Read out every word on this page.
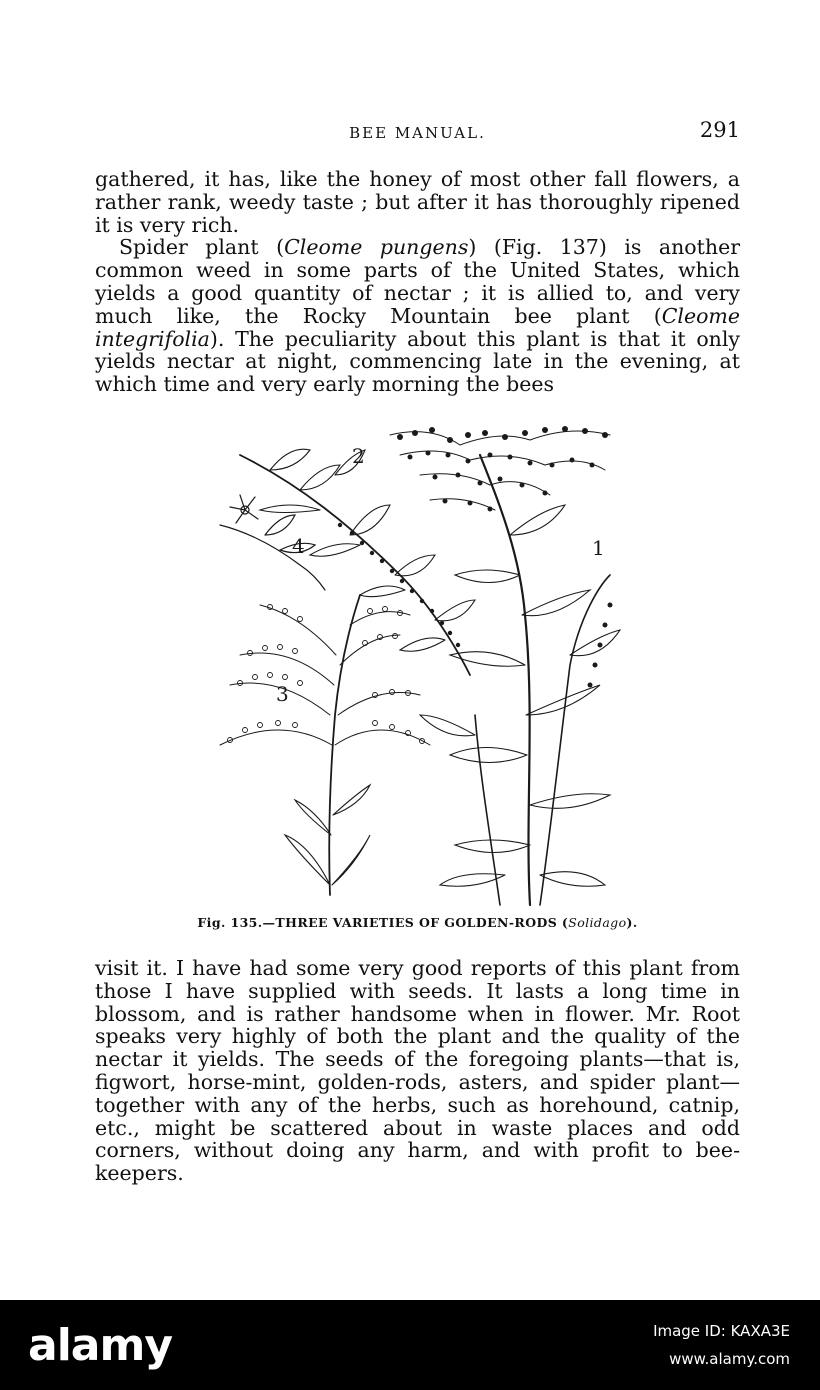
BEE MANUAL.	291

gathered, it has, like the honey of most other fall flowers, a rather rank, weedy taste ; but after it has thoroughly ripened it is very rich.

Spider plant (Cleome pungens) (Fig. 137) is another common weed in some parts of the United States, which yields a good quantity of nectar ; it is allied to, and very much like, the Rocky Mountain bee plant (Cleome integrifolia). The peculiarity about this plant is that it only yields nectar at night, commencing late in the evening, at which time and very early morning the bees

1
2
3
4
Fig. 135.—THREE VARIETIES OF GOLDEN-RODS (Solidago).

visit it. I have had some very good reports of this plant from those I have supplied with seeds. It lasts a long time in blossom, and is rather handsome when in flower. Mr. Root speaks very highly of both the plant and the quality of the nectar it yields. The seeds of the foregoing plants—that is, figwort, horse-mint, golden-rods, asters, and spider plant—together with any of the herbs, such as horehound, catnip, etc., might be scattered about in waste places and odd corners, without doing any harm, and with profit to bee-keepers.

alamy	Image ID: KAXA3E
www.alamy.com
